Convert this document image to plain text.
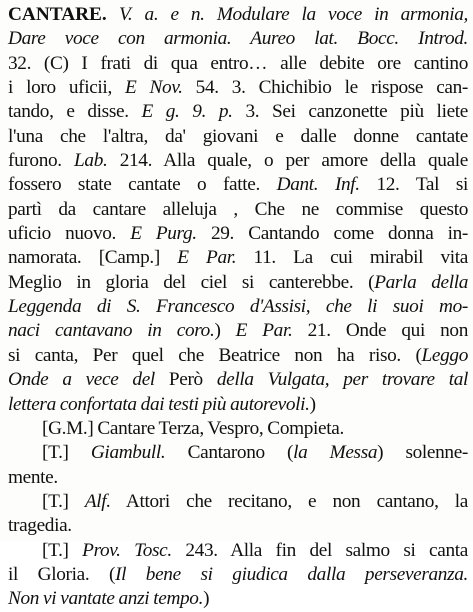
CANTARE. V. a. e n. Modulare la voce in armonia,
Dare voce con armonia. Aureo lat. Bocc. Introd.
32. (C) I frati di qua entro… alle debite ore cantino
i loro uficii, E Nov. 54. 3. Chichibio le rispose can-
tando, e disse. E g. 9. p. 3. Sei canzonette più liete
l'una che l'altra, da' giovani e dalle donne cantate
furono. Lab. 214. Alla quale, o per amore della quale
fossero state cantate o fatte. Dant. Inf. 12. Tal si
partì da cantare alleluja , Che ne commise questo
uficio nuovo. E Purg. 29. Cantando come donna in-
namorata. [Camp.] E Par. 11. La cui mirabil vita
Meglio in gloria del ciel si canterebbe. (Parla della
Leggenda di S. Francesco d'Assisi, che li suoi mo-
naci cantavano in coro.) E Par. 21. Onde qui non
si canta, Per quel che Beatrice non ha riso. (Leggo
Onde a vece del Però della Vulgata, per trovare tal
lettera confortata dai testi più autorevoli.)
[G.M.] Cantare Terza, Vespro, Compieta.
[T.] Giambull. Cantarono (la Messa) solenne-
mente.
[T.] Alf. Attori che recitano, e non cantano, la
tragedia.
[T.] Prov. Tosc. 243. Alla fin del salmo si canta
il Gloria. (Il bene si giudica dalla perseveranza.
Non vi vantate anzi tempo.)
